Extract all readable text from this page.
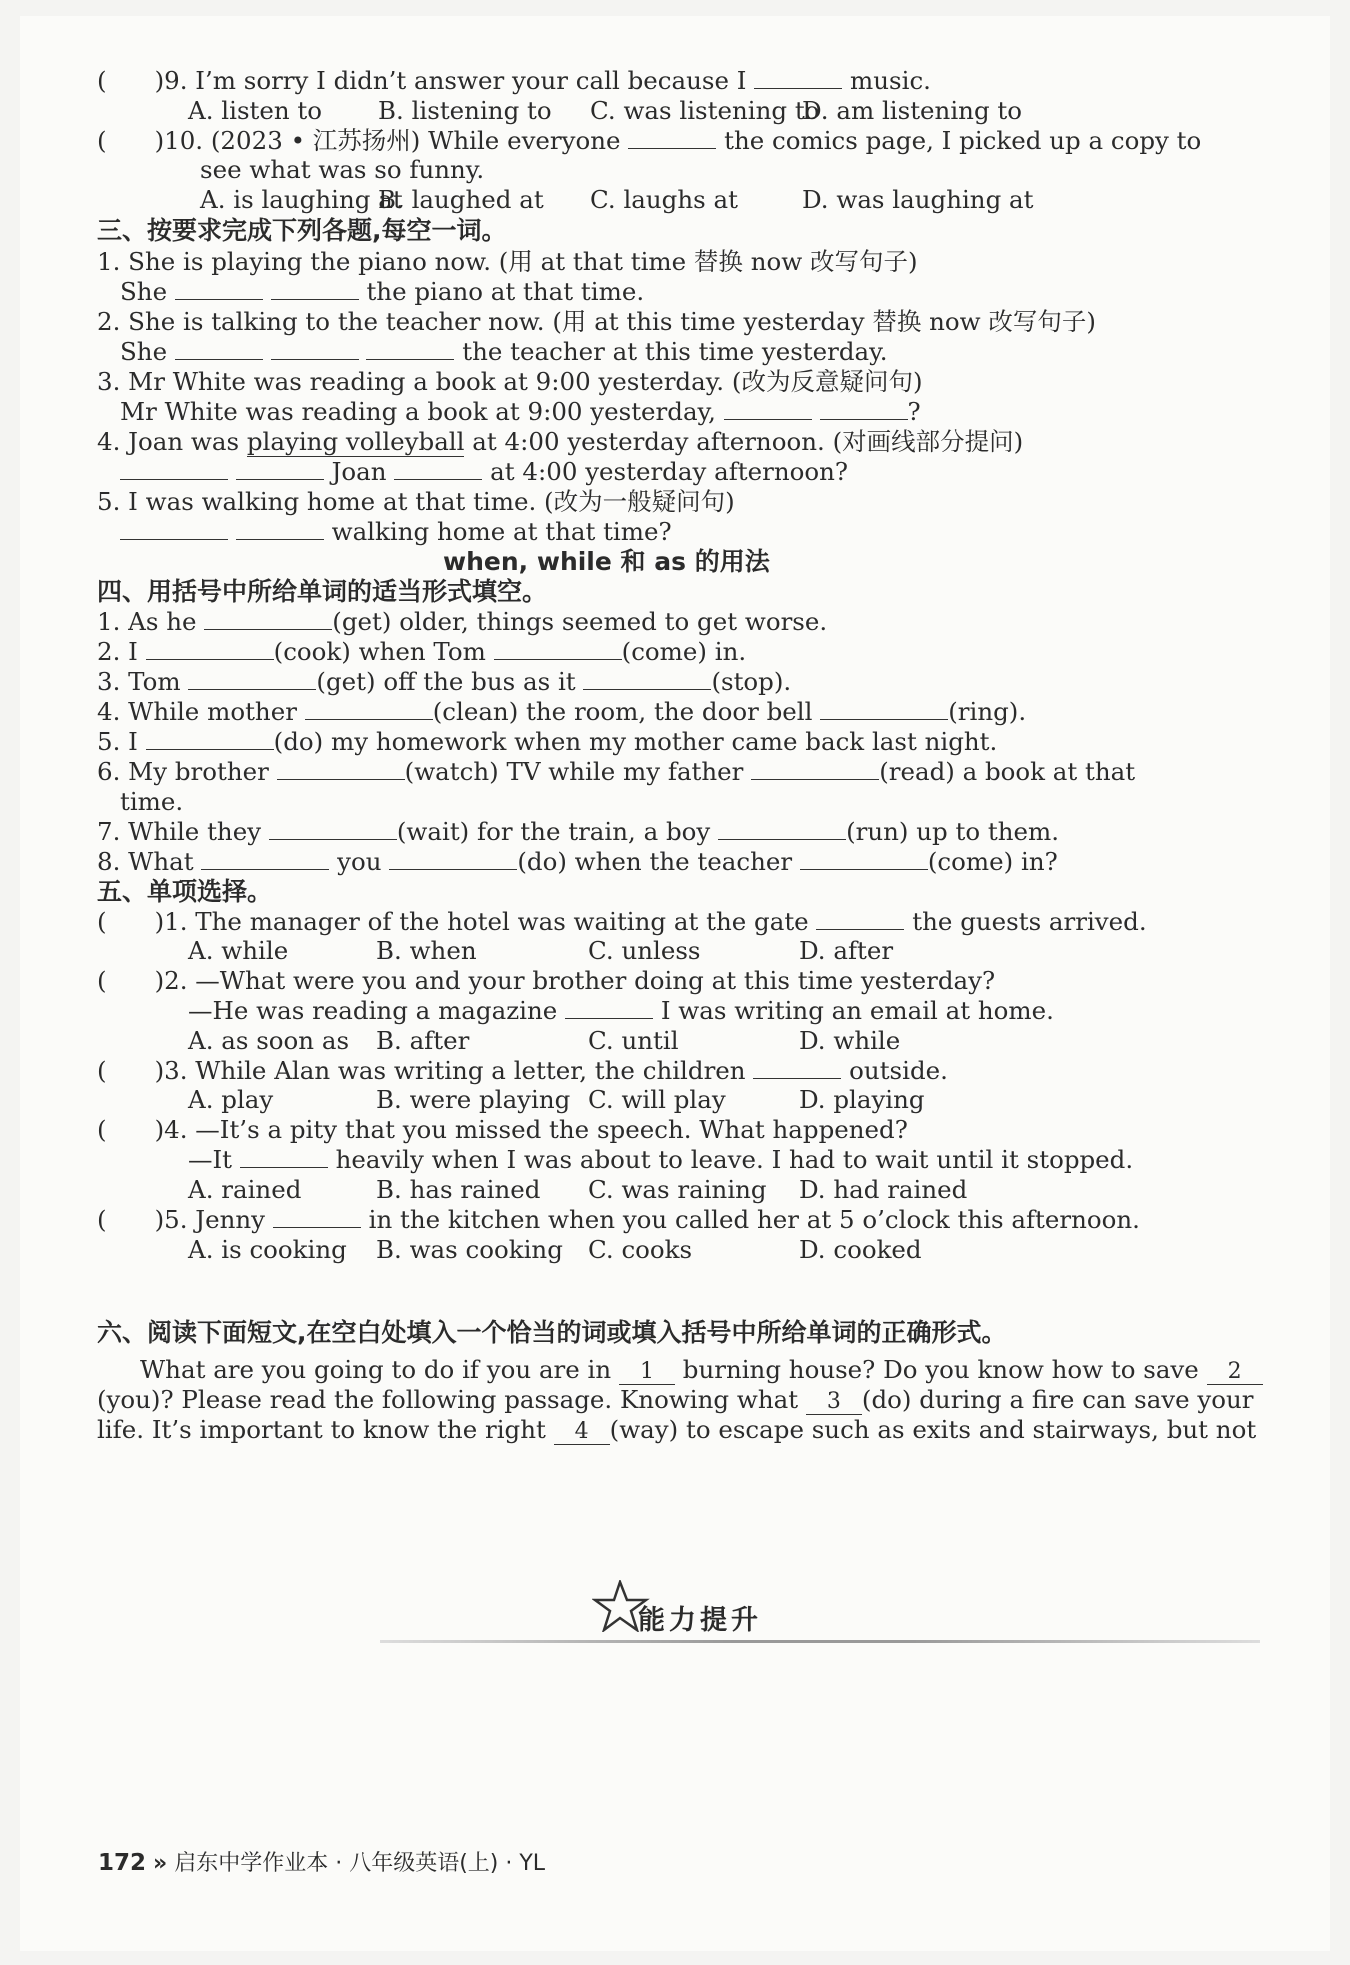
( )9. I’m sorry I didn’t answer your call because I	music.
A. listen to B. listening to C. was listening to
D. am listening to
( )10. (2023 • 江苏扬州) While everyone	the comics page, I picked up a copy to
see what was so funny.
A. is laughing at
B. laughed at C. laughs at	D. was laughing at
三、按要求完成下列各题,每空一词。
1. She is playing the piano now. (用 at that time 替换 now 改写句子)
She	the piano at that time.
2. She is talking to the teacher now. (用 at this time yesterday 替换 now 改写句子)
She	the teacher at this time yesterday.
3. Mr White was reading a book at 9:00 yesterday. (改为反意疑问句)
Mr White was reading a book at 9:00 yesterday,	?
4. Joan was playing volleyball at 4:00 yesterday afternoon. (对画线部分提问)
Joan	at 4:00 yesterday afternoon?
5. I was walking home at that time. (改为一般疑问句)
walking home at that time?
when, while 和 as 的用法
四、用括号中所给单词的适当形式填空。
1. As he	(get) older, things seemed to get worse.
2. I	(cook) when Tom	(come) in.
3. Tom	(get) off the bus as it	(stop).
4. While mother	(clean) the room, the door bell	(ring).
5. I	(do) my homework when my mother came back last night.
6. My brother	(watch) TV while my father	(read) a book at that
time.
7. While they	(wait) for the train, a boy	(run) up to them.
8. What	you	(do) when the teacher	(come) in?
五、单项选择。
( )1. The manager of the hotel was waiting at the gate	the guests arrived.
A. while	B. when	C. unless	D. after
( )2. —What were you and your brother doing at this time yesterday?
—He was reading a magazine	I was writing an email at home.
A. as soon as B. after	C. until	D. while
( )3. While Alan was writing a letter, the children	outside.
A. play	B. were playing C. will play	D. playing
( )4. —It’s a pity that you missed the speech. What happened?
—It	heavily when I was about to leave. I had to wait until it stopped.
A. rained	B. has rained C. was raining D. had rained
( )5. Jenny	in the kitchen when you called her at 5 o’clock this afternoon.
A. is cooking B. was cooking C. cooks	D. cooked
能力提升
六、阅读下面短文,在空白处填入一个恰当的词或填入括号中所给单词的正确形式。
What are you going to do if you are in 1 burning house? Do you know how to save 2
(you)? Please read the following passage. Knowing what 3 (do) during a fire can save your
life. It’s important to know the right 4 (way) to escape such as exits and stairways, but not
172 » 启东中学作业本 · 八年级英语(上) · YL
